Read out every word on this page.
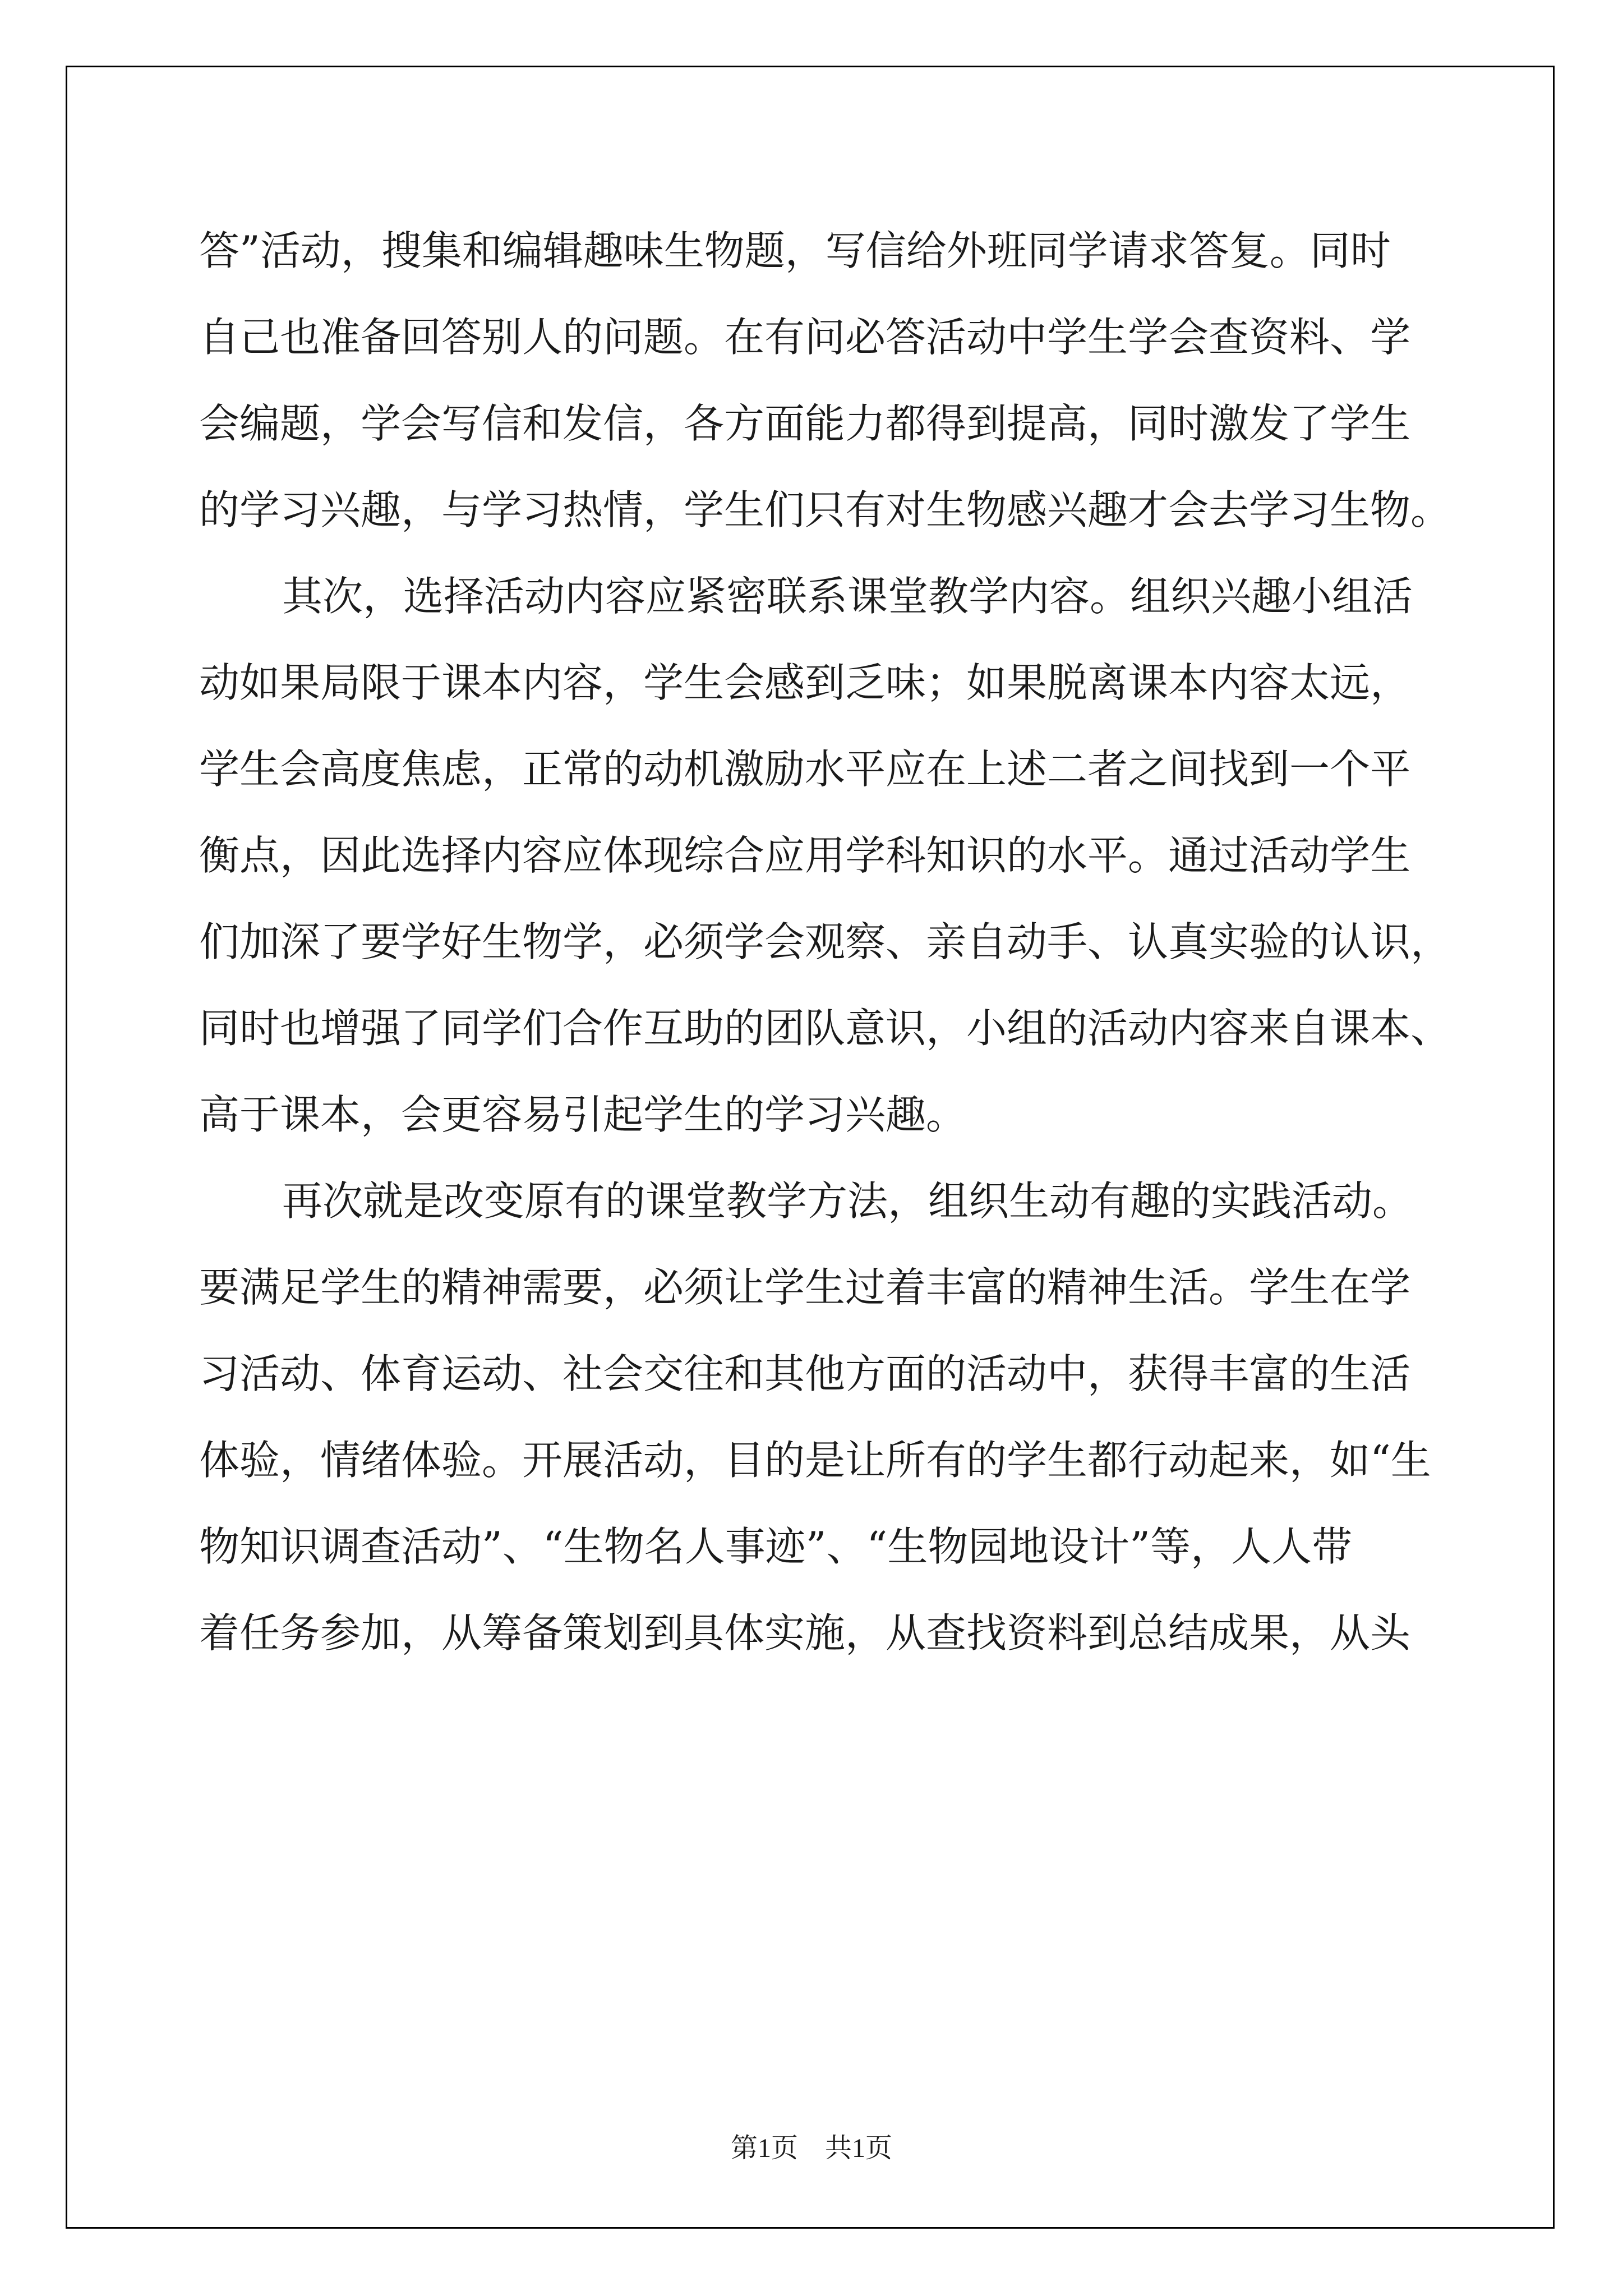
答”活动，搜集和编辑趣味生物题，写信给外班同学请求答复。同时
自己也准备回答别人的问题。在有问必答活动中学生学会查资料、学
会编题，学会写信和发信，各方面能力都得到提高，同时激发了学生
的学习兴趣，与学习热情，学生们只有对生物感兴趣才会去学习生物。
其次，选择活动内容应紧密联系课堂教学内容。组织兴趣小组活
动如果局限于课本内容，学生会感到乏味；如果脱离课本内容太远，
学生会高度焦虑，正常的动机激励水平应在上述二者之间找到一个平
衡点，因此选择内容应体现综合应用学科知识的水平。通过活动学生
们加深了要学好生物学，必须学会观察、亲自动手、认真实验的认识，
同时也增强了同学们合作互助的团队意识，小组的活动内容来自课本、
高于课本，会更容易引起学生的学习兴趣。
再次就是改变原有的课堂教学方法，组织生动有趣的实践活动。
要满足学生的精神需要，必须让学生过着丰富的精神生活。学生在学
习活动、体育运动、社会交往和其他方面的活动中，获得丰富的生活
体验，情绪体验。开展活动，目的是让所有的学生都行动起来，如“生
物知识调查活动”、“生物名人事迹”、“生物园地设计”等，人人带
着任务参加，从筹备策划到具体实施，从查找资料到总结成果，从头
第1页 共1页
